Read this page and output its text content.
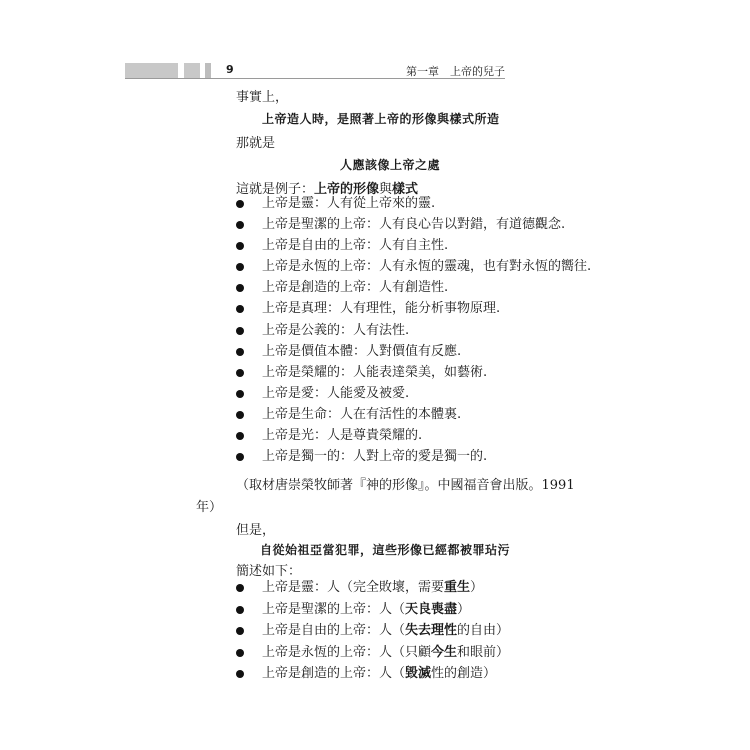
9	第一章　上帝的兒子
事實上，
上帝造人時，是照著上帝的形像與樣式所造
那就是
人應該像上帝之處
這就是例子：上帝的形像與樣式
上帝是靈：人有從上帝來的靈.
上帝是聖潔的上帝：人有良心告以對錯，有道德觀念.
上帝是自由的上帝：人有自主性.
上帝是永恆的上帝：人有永恆的靈魂，也有對永恆的嚮往.
上帝是創造的上帝：人有創造性.
上帝是真理：人有理性，能分析事物原理.
上帝是公義的：人有法性.
上帝是價值本體：人對價值有反應.
上帝是榮耀的：人能表達榮美，如藝術.
上帝是愛：人能愛及被愛.
上帝是生命：人在有活性的本體裏.
上帝是光：人是尊貴榮耀的.
上帝是獨一的：人對上帝的愛是獨一的.
（取材唐崇榮牧師著『神的形像』。中國福音會出版。1991
年）
但是，
自從始祖亞當犯罪，這些形像已經都被罪玷污
簡述如下：
上帝是靈：人（完全敗壞，需要重生）
上帝是聖潔的上帝：人（天良喪盡）
上帝是自由的上帝：人（失去理性的自由）
上帝是永恆的上帝：人（只顧今生和眼前）
上帝是創造的上帝：人（毀滅性的創造）
